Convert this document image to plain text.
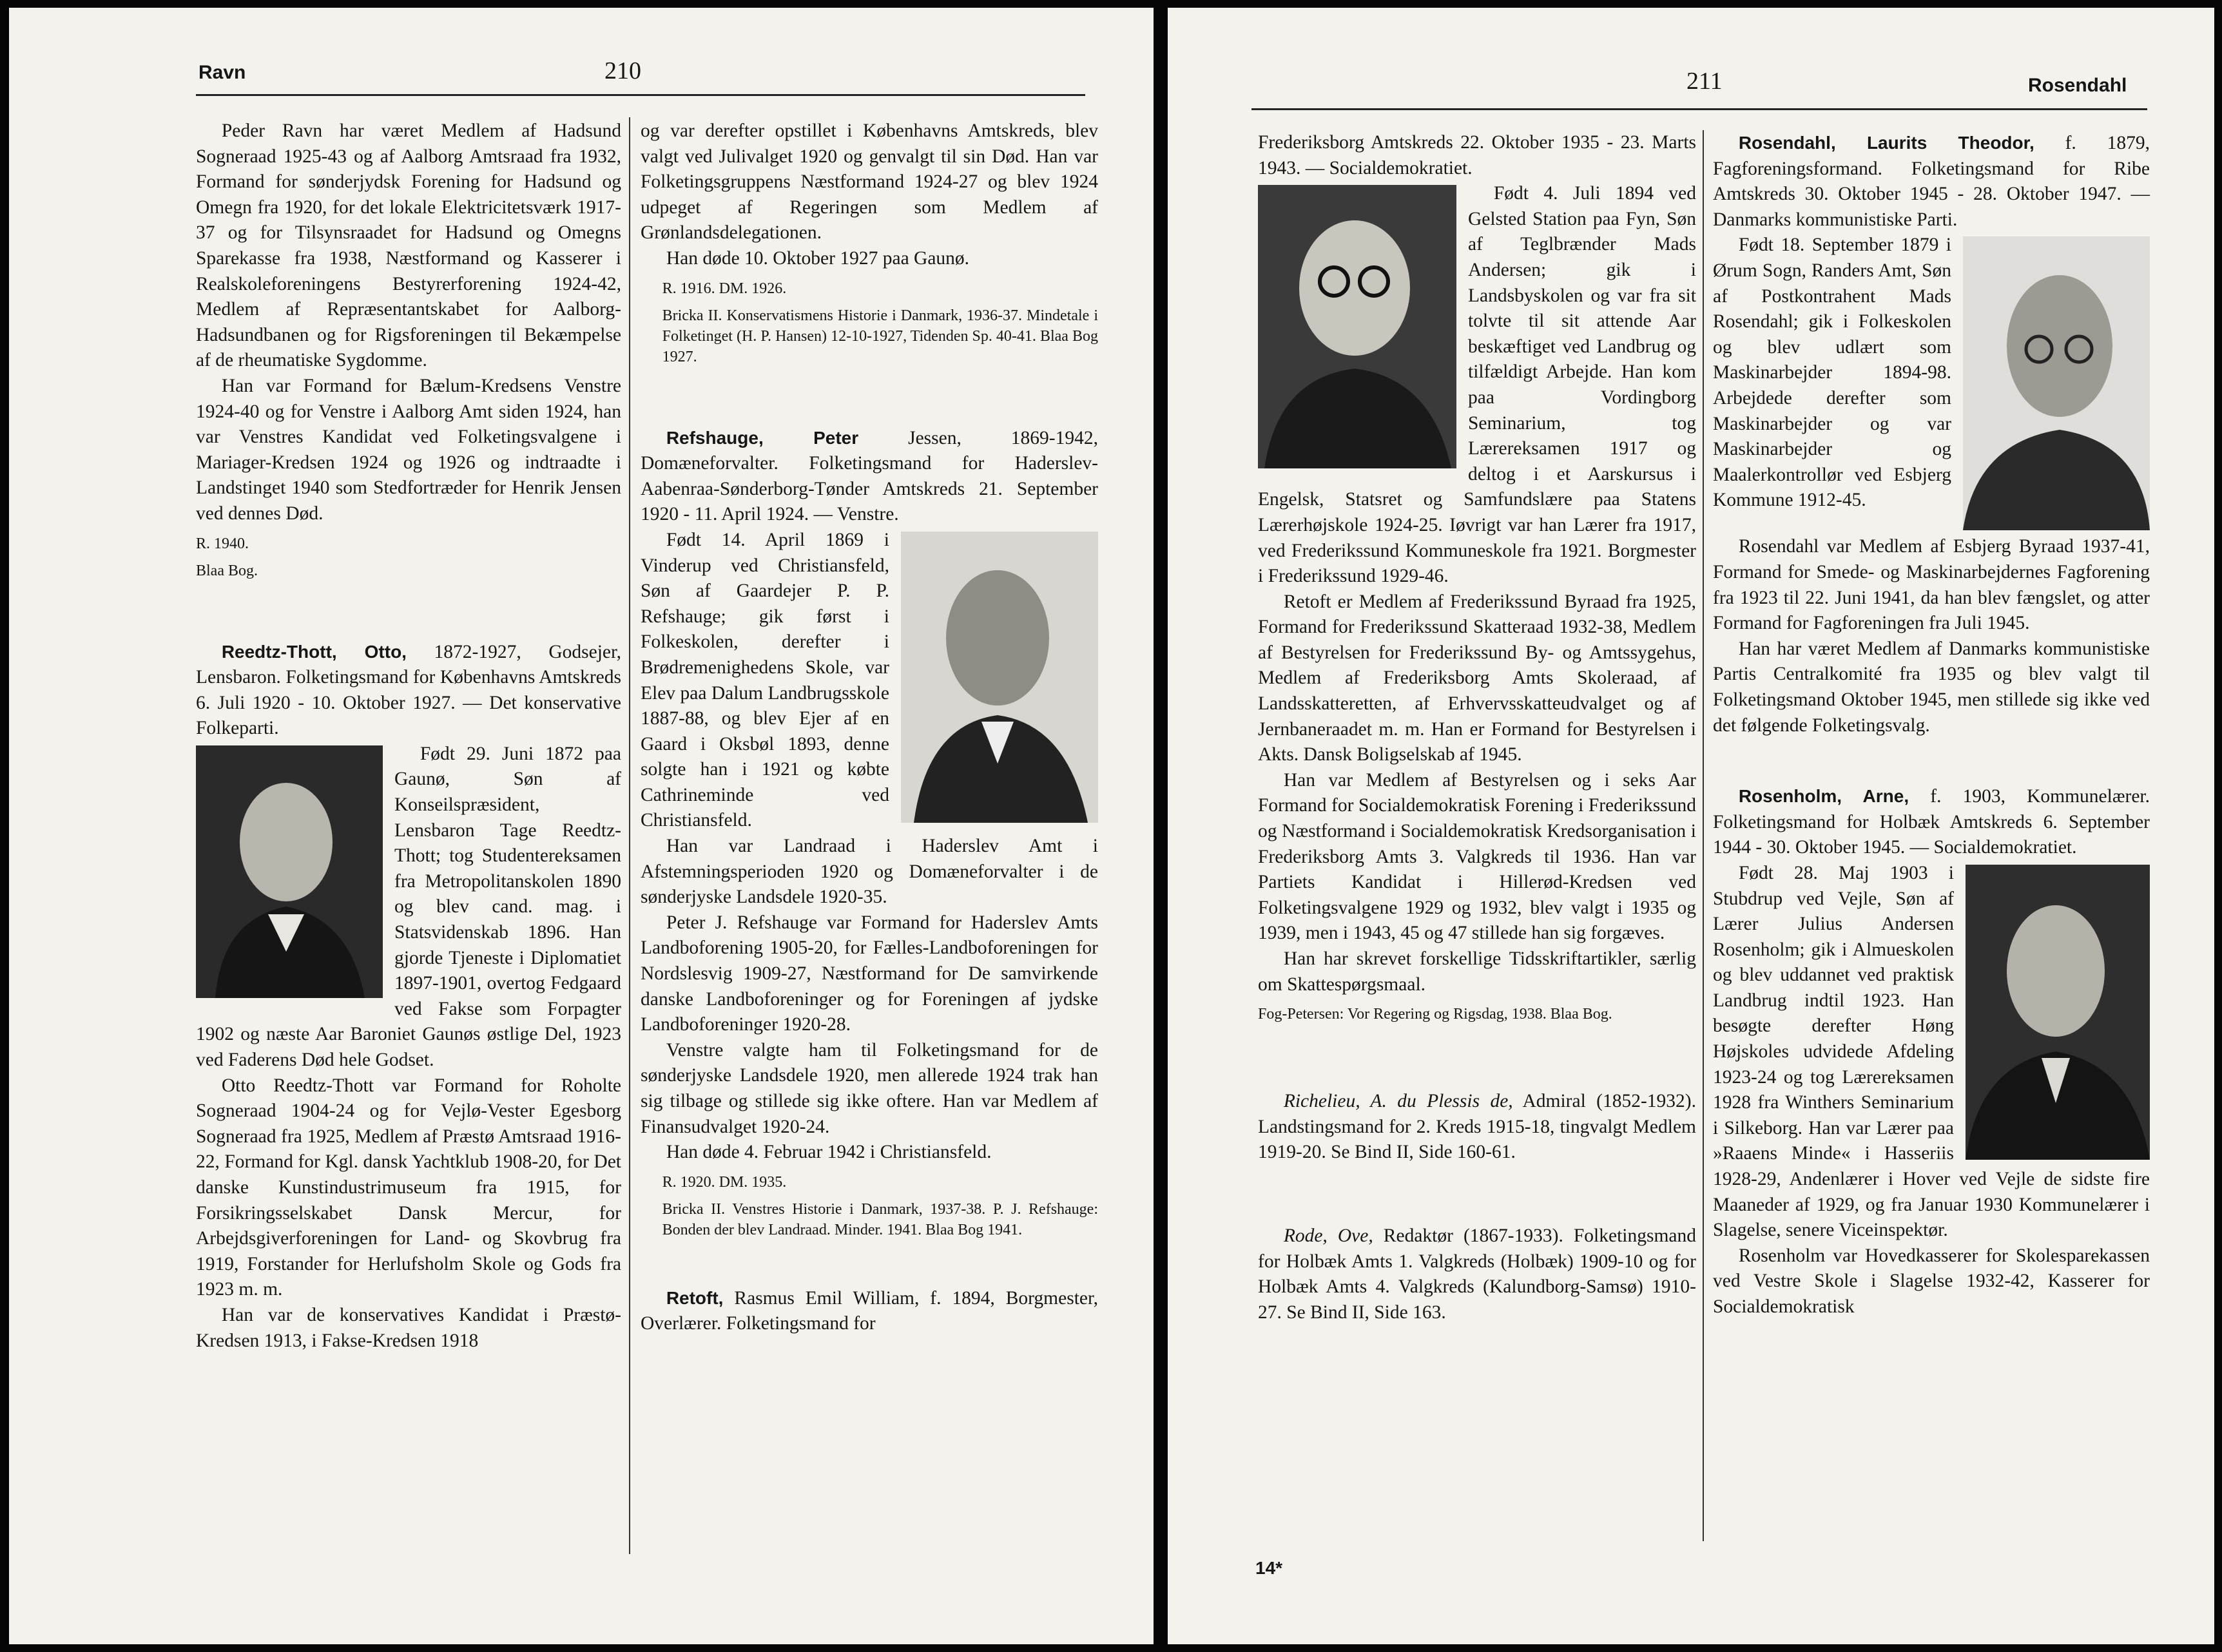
Ravn	210

Peder Ravn har været Medlem af Hadsund Sogneraad 1925-43 og af Aalborg Amtsraad fra 1932, Formand for sønderjydsk Forening for Hadsund og Omegn fra 1920, for det lokale Elektricitetsværk 1917-37 og for Tilsynsraadet for Hadsund og Omegns Sparekasse fra 1938, Næstformand og Kasserer i Realskoleforeningens Bestyrerforening 1924-42, Medlem af Repræsentantskabet for Aalborg-Hadsundbanen og for Rigsforeningen til Bekæmpelse af de rheumatiske Sygdomme.

Han var Formand for Bælum-Kredsens Venstre 1924-40 og for Venstre i Aalborg Amt siden 1924, han var Venstres Kandidat ved Folketingsvalgene i Mariager-Kredsen 1924 og 1926 og indtraadte i Landstinget 1940 som Stedfortræder for Henrik Jensen ved dennes Død.

R. 1940.
Blaa Bog.

Reedtz-Thott, Otto, 1872-1927, Godsejer, Lensbaron. Folketingsmand for Københavns Amtskreds 6. Juli 1920 - 10. Oktober 1927. — Det konservative Folkeparti.

Født 29. Juni 1872 paa Gaunø, Søn af Konseilspræsident, Lensbaron Tage Reedtz-Thott; tog Studentereksamen fra Metropolitanskolen 1890 og blev cand. mag. i Statsvidenskab 1896. Han gjorde Tjeneste i Diplomatiet 1897-1901, overtog Fedgaard ved Fakse som Forpagter 1902 og næste Aar Baroniet Gaunøs østlige Del, 1923 ved Faderens Død hele Godset.

Otto Reedtz-Thott var Formand for Roholte Sogneraad 1904-24 og for Vejlø-Vester Egesborg Sogneraad fra 1925, Medlem af Præstø Amtsraad 1916-22, Formand for Kgl. dansk Yachtklub 1908-20, for Det danske Kunstindustrimuseum fra 1915, for Forsikringsselskabet Dansk Mercur, for Arbejdsgiverforeningen for Land- og Skovbrug fra 1919, Forstander for Herlufsholm Skole og Gods fra 1923 m. m.

Han var de konservatives Kandidat i Præstø-Kredsen 1913, i Fakse-Kredsen 1918

og var derefter opstillet i Københavns Amtskreds, blev valgt ved Julivalget 1920 og genvalgt til sin Død. Han var Folketingsgruppens Næstformand 1924-27 og blev 1924 udpeget af Regeringen som Medlem af Grønlandsdelegationen.

Han døde 10. Oktober 1927 paa Gaunø.

R. 1916. DM. 1926.
Bricka II. Konservatismens Historie i Danmark, 1936-37. Mindetale i Folketinget (H. P. Hansen) 12-10-1927, Tidenden Sp. 40-41. Blaa Bog 1927.

Refshauge, Peter Jessen, 1869-1942, Domæneforvalter. Folketingsmand for Haderslev-Aabenraa-Sønderborg-Tønder Amtskreds 21. September 1920 - 11. April 1924. — Venstre.

Født 14. April 1869 i Vinderup ved Christiansfeld, Søn af Gaardejer P. P. Refshauge; gik først i Folkeskolen, derefter i Brødremenighedens Skole, var Elev paa Dalum Landbrugsskole 1887-88, og blev Ejer af en Gaard i Oksbøl 1893, denne solgte han i 1921 og købte Cathrineminde ved Christiansfeld.

Han var Landraad i Haderslev Amt i Afstemningsperioden 1920 og Domæneforvalter i de sønderjyske Landsdele 1920-35.

Peter J. Refshauge var Formand for Haderslev Amts Landboforening 1905-20, for Fælles-Landboforeningen for Nordslesvig 1909-27, Næstformand for De samvirkende danske Landboforeninger og for Foreningen af jydske Landboforeninger 1920-28.

Venstre valgte ham til Folketingsmand for de sønderjyske Landsdele 1920, men allerede 1924 trak han sig tilbage og stillede sig ikke oftere. Han var Medlem af Finansudvalget 1920-24.

Han døde 4. Februar 1942 i Christiansfeld.

R. 1920. DM. 1935.
Bricka II. Venstres Historie i Danmark, 1937-38. P. J. Refshauge: Bonden der blev Landraad. Minder. 1941. Blaa Bog 1941.

Retoft, Rasmus Emil William, f. 1894, Borgmester, Overlærer. Folketingsmand for

211	Rosendahl

Frederiksborg Amtskreds 22. Oktober 1935 - 23. Marts 1943. — Socialdemokratiet.

Født 4. Juli 1894 ved Gelsted Station paa Fyn, Søn af Teglbrænder Mads Andersen; gik i Landsbyskolen og var fra sit tolvte til sit attende Aar beskæftiget ved Landbrug og tilfældigt Arbejde. Han kom paa Vordingborg Seminarium, tog Lærereksamen 1917 og deltog i et Aarskursus i Engelsk, Statsret og Samfundslære paa Statens Lærerhøjskole 1924-25. Iøvrigt var han Lærer fra 1917, ved Frederikssund Kommuneskole fra 1921. Borgmester i Frederikssund 1929-46.

Retoft er Medlem af Frederikssund Byraad fra 1925, Formand for Frederikssund Skatteraad 1932-38, Medlem af Bestyrelsen for Frederikssund By- og Amtssygehus, Medlem af Frederiksborg Amts Skoleraad, af Landsskatteretten, af Erhvervsskatteudvalget og af Jernbaneraadet m. m. Han er Formand for Bestyrelsen i Akts. Dansk Boligselskab af 1945.

Han var Medlem af Bestyrelsen og i seks Aar Formand for Socialdemokratisk Forening i Frederikssund og Næstformand i Socialdemokratisk Kredsorganisation i Frederiksborg Amts 3. Valgkreds til 1936. Han var Partiets Kandidat i Hillerød-Kredsen ved Folketingsvalgene 1929 og 1932, blev valgt i 1935 og 1939, men i 1943, 45 og 47 stillede han sig forgæves.

Han har skrevet forskellige Tidsskriftartikler, særlig om Skattespørgsmaal.

Fog-Petersen: Vor Regering og Rigsdag, 1938. Blaa Bog.

Richelieu, A. du Plessis de, Admiral (1852-1932). Landstingsmand for 2. Kreds 1915-18, tingvalgt Medlem 1919-20. Se Bind II, Side 160-61.

Rode, Ove, Redaktør (1867-1933). Folketingsmand for Holbæk Amts 1. Valgkreds (Holbæk) 1909-10 og for Holbæk Amts 4. Valgkreds (Kalundborg-Samsø) 1910-27. Se Bind II, Side 163.

Rosendahl, Laurits Theodor, f. 1879, Fagforeningsformand. Folketingsmand for Ribe Amtskreds 30. Oktober 1945 - 28. Oktober 1947. — Danmarks kommunistiske Parti.

Født 18. September 1879 i Ørum Sogn, Randers Amt, Søn af Postkontrahent Mads Rosendahl; gik i Folkeskolen og blev udlært som Maskinarbejder 1894-98. Arbejdede derefter som Maskinarbejder og var Maskinarbejder og Maalerkontrollør ved Esbjerg Kommune 1912-45.

Rosendahl var Medlem af Esbjerg Byraad 1937-41, Formand for Smede- og Maskinarbejdernes Fagforening fra 1923 til 22. Juni 1941, da han blev fængslet, og atter Formand for Fagforeningen fra Juli 1945.

Han har været Medlem af Danmarks kommunistiske Partis Centralkomité fra 1935 og blev valgt til Folketingsmand Oktober 1945, men stillede sig ikke ved det følgende Folketingsvalg.

Rosenholm, Arne, f. 1903, Kommunelærer. Folketingsmand for Holbæk Amtskreds 6. September 1944 - 30. Oktober 1945. — Socialdemokratiet.

Født 28. Maj 1903 i Stubdrup ved Vejle, Søn af Lærer Julius Andersen Rosenholm; gik i Almueskolen og blev uddannet ved praktisk Landbrug indtil 1923. Han besøgte derefter Høng Højskoles udvidede Afdeling 1923-24 og tog Lærereksamen 1928 fra Winthers Seminarium i Silkeborg. Han var Lærer paa »Raaens Minde« i Hasseriis 1928-29, Andenlærer i Hover ved Vejle de sidste fire Maaneder af 1929, og fra Januar 1930 Kommunelærer i Slagelse, senere Viceinspektør.

Rosenholm var Hovedkasserer for Skolesparekassen ved Vestre Skole i Slagelse 1932-42, Kasserer for Socialdemokratisk

14*
